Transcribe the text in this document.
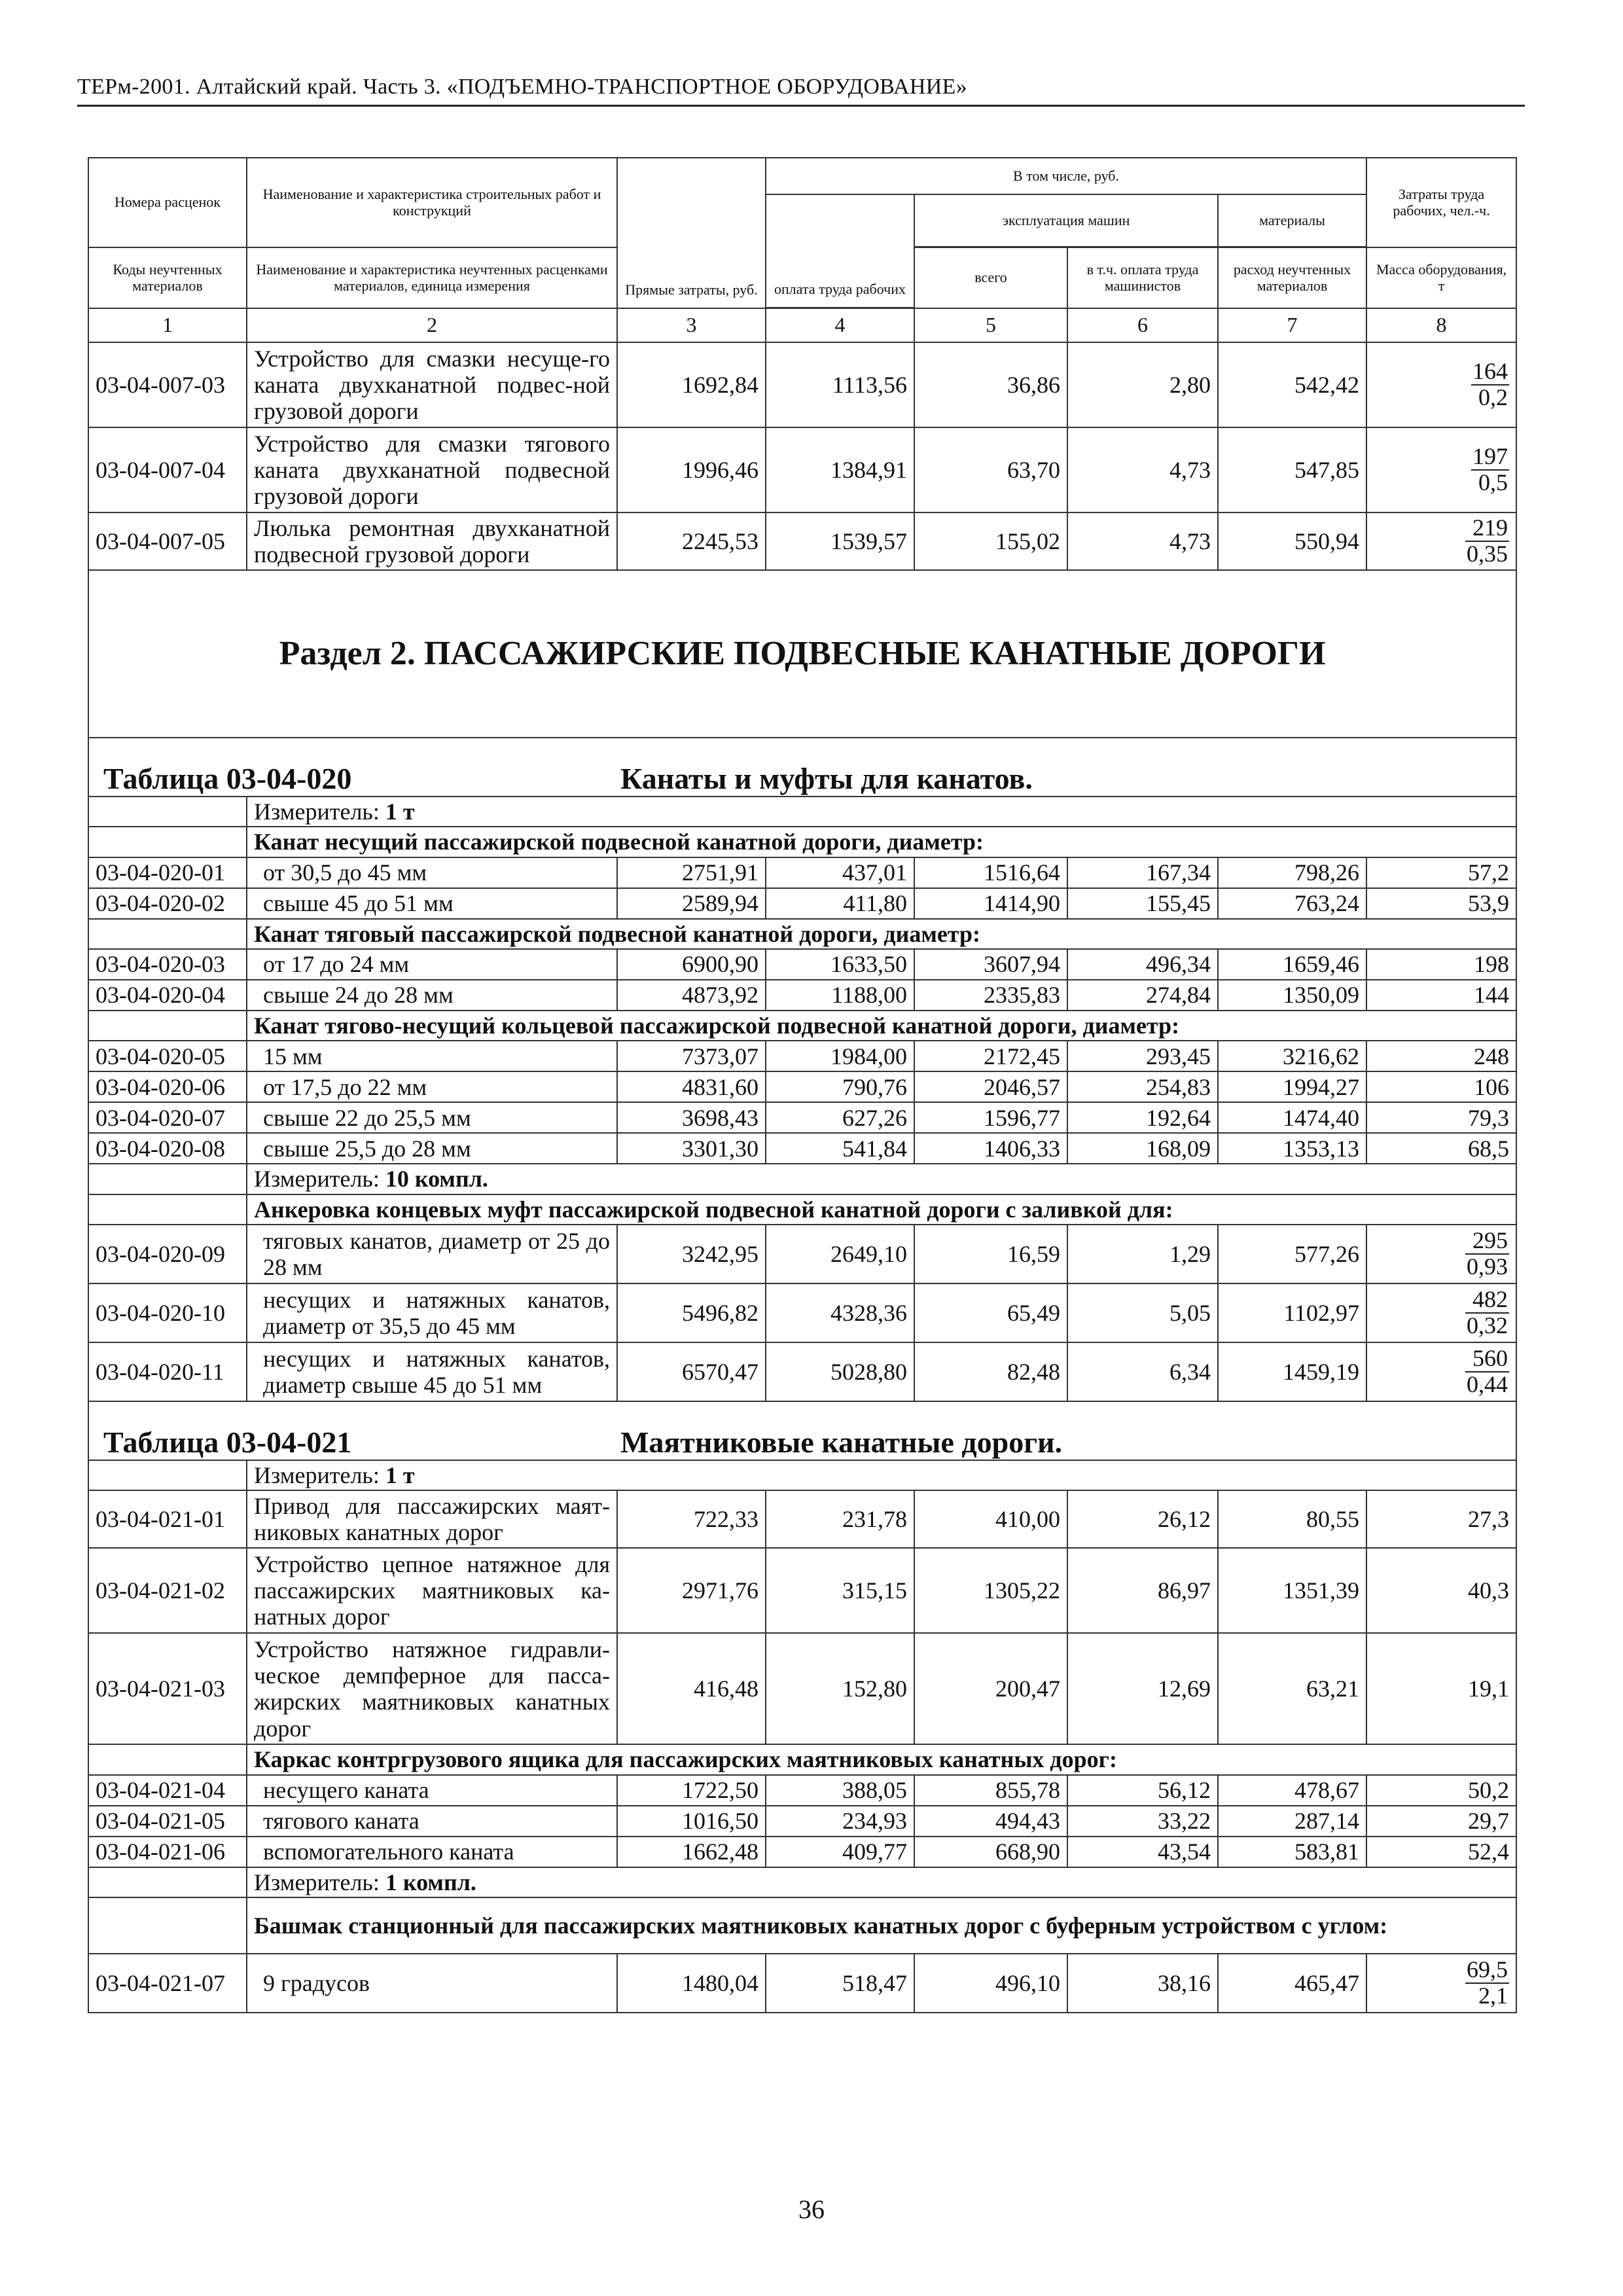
ТЕРм-2001. Алтайский край. Часть 3. «ПОДЪЕМНО-ТРАНСПОРТНОЕ ОБОРУДОВАНИЕ»
Номера расценок	Наименование и характеристика строительных работ и конструкций	Прямые затраты, руб.	В том числе, руб.				Затраты труда рабочих, чел.-ч.
			оплата труда рабочих	эксплуатация машин		материалы	

Коды неучтенных материалов	Наименование и характеристика неучтенных расценками материалов, единица измерения			всего	в т.ч. оплата труда машинистов	расход неучтенных материалов	Масса оборудования, т

1	2	3	4	5	6	7	8
03-04-007-03	Устройство для смазки несуще-го каната двухканатной подвес-ной грузовой дороги	1692,84	1113,56	36,86	2,80	542,42	$\frac{164}{0,2}$

03-04-007-04	Устройство для смазки тягового каната двухканатной подвесной грузовой дороги	1996,46	1384,91	63,70	4,73	547,85	$\frac{197}{0,5}$

03-04-007-05	Люлька ремонтная двухканатной подвесной грузовой дороги	2245,53	1539,57	155,02	4,73	550,94	$\frac{219}{0,35}$

Раздел 2. ПАССАЖИРСКИЕ ПОДВЕСНЫЕ КАНАТНЫЕ ДОРОГИ							

Таблица 03-04-020 Канаты и муфты для канатов.							

	Измеритель: 1 т						
	Канат несущий пассажирской подвесной канатной дороги, диаметр:						
03-04-020-01	от 30,5 до 45 мм	2751,91	437,01	1516,64	167,34	798,26	57,2
03-04-020-02	свыше 45 до 51 мм	2589,94	411,80	1414,90	155,45	763,24	53,9
	Канат тяговый пассажирской подвесной канатной дороги, диаметр:						
03-04-020-03	от 17 до 24 мм	6900,90	1633,50	3607,94	496,34	1659,46	198
03-04-020-04	свыше 24 до 28 мм	4873,92	1188,00	2335,83	274,84	1350,09	144
	Канат тягово-несущий кольцевой пассажирской подвесной канатной дороги, диаметр:						
03-04-020-05	15 мм	7373,07	1984,00	2172,45	293,45	3216,62	248
03-04-020-06	от 17,5 до 22 мм	4831,60	790,76	2046,57	254,83	1994,27	106
03-04-020-07	свыше 22 до 25,5 мм	3698,43	627,26	1596,77	192,64	1474,40	79,3
03-04-020-08	свыше 25,5 до 28 мм	3301,30	541,84	1406,33	168,09	1353,13	68,5
	Измеритель: 10 компл.						
	Анкеровка концевых муфт пассажирской подвесной канатной дороги с заливкой для:						
03-04-020-09	тяговых канатов, диаметр от 25 до 28 мм	3242,95	2649,10	16,59	1,29	577,26	$\frac{295}{0,93}$

03-04-020-10	несущих и натяжных канатов, диаметр от 35,5 до 45 мм	5496,82	4328,36	65,49	5,05	1102,97	$\frac{482}{0,32}$

03-04-020-11	несущих и натяжных канатов, диаметр свыше 45 до 51 мм	6570,47	5028,80	82,48	6,34	1459,19	$\frac{560}{0,44}$

Таблица 03-04-021 Маятниковые канатные дороги.							

	Измеритель: 1 т						
03-04-021-01	Привод для пассажирских маят-никовых канатных дорог	722,33	231,78	410,00	26,12	80,55	27,3
03-04-021-02	Устройство цепное натяжное для пассажирских маятниковых ка-натных дорог	2971,76	315,15	1305,22	86,97	1351,39	40,3
03-04-021-03	Устройство натяжное гидравли-ческое демпферное для пасса-жирских маятниковых канатных дорог	416,48	152,80	200,47	12,69	63,21	19,1
	Каркас контргрузового ящика для пассажирских маятниковых канатных дорог:						
03-04-021-04	несущего каната	1722,50	388,05	855,78	56,12	478,67	50,2
03-04-021-05	тягового каната	1016,50	234,93	494,43	33,22	287,14	29,7
03-04-021-06	вспомогательного каната	1662,48	409,77	668,90	43,54	583,81	52,4
	Измеритель: 1 компл.						
	Башмак станционный для пассажирских маятниковых канатных дорог с буферным устройством с углом:						
03-04-021-07	9 градусов	1480,04	518,47	496,10	38,16	465,47	$\frac{69,5}{2,1}$
36
